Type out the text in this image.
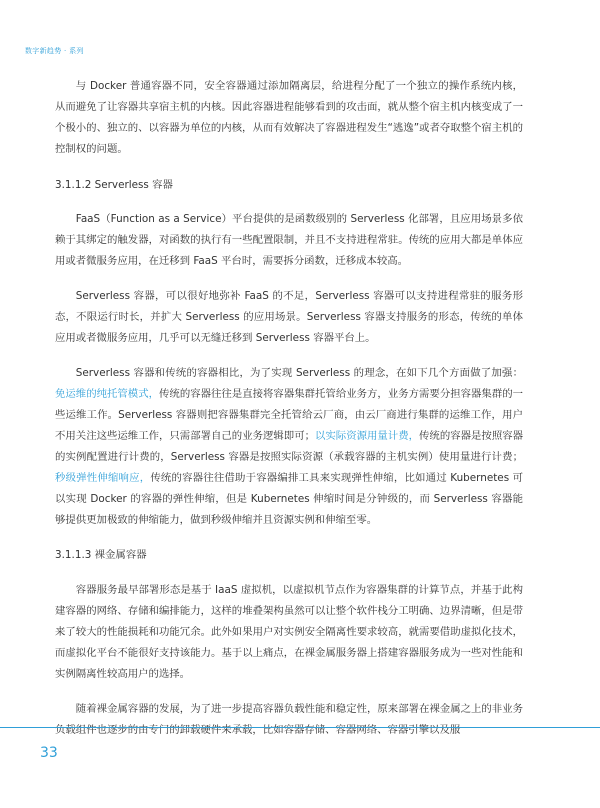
数字新趋势 · 系列

与 Docker 普通容器不同，安全容器通过添加隔离层，给进程分配了一个独立的操作系统内核，从而避免了让容器共享宿主机的内核。因此容器进程能够看到的攻击面，就从整个宿主机内核变成了一个极小的、独立的、以容器为单位的内核，从而有效解决了容器进程发生“逃逸”或者夺取整个宿主机的控制权的问题。

3.1.1.2 Serverless 容器

FaaS（Function as a Service）平台提供的是函数级别的 Serverless 化部署，且应用场景多依赖于其绑定的触发器，对函数的执行有一些配置限制，并且不支持进程常驻。传统的应用大都是单体应用或者微服务应用，在迁移到 FaaS 平台时，需要拆分函数，迁移成本较高。

Serverless 容器，可以很好地弥补 FaaS 的不足，Serverless 容器可以支持进程常驻的服务形态，不限运行时长，并扩大 Serverless 的应用场景。Serverless 容器支持服务的形态，传统的单体应用或者微服务应用，几乎可以无缝迁移到 Serverless 容器平台上。

Serverless 容器和传统的容器相比，为了实现 Serverless 的理念，在如下几个方面做了加强：免运维的纯托管模式，传统的容器往往是直接将容器集群托管给业务方，业务方需要分担容器集群的一些运维工作。Serverless 容器则把容器集群完全托管给云厂商，由云厂商进行集群的运维工作，用户不用关注这些运维工作，只需部署自己的业务逻辑即可；以实际资源用量计费，传统的容器是按照容器的实例配置进行计费的，Serverless 容器是按照实际资源（承载容器的主机实例）使用量进行计费；秒级弹性伸缩响应，传统的容器往往借助于容器编排工具来实现弹性伸缩，比如通过 Kubernetes 可以实现 Docker 的容器的弹性伸缩，但是 Kubernetes 伸缩时间是分钟级的，而 Serverless 容器能够提供更加极致的伸缩能力，做到秒级伸缩并且资源实例和伸缩至零。

3.1.1.3 裸金属容器

容器服务最早部署形态是基于 IaaS 虚拟机，以虚拟机节点作为容器集群的计算节点，并基于此构建容器的网络、存储和编排能力，这样的堆叠架构虽然可以让整个软件栈分工明确、边界清晰，但是带来了较大的性能损耗和功能冗余。此外如果用户对实例安全隔离性要求较高，就需要借助虚拟化技术，而虚拟化平台不能很好支持该能力。基于以上痛点，在裸金属服务器上搭建容器服务成为一些对性能和实例隔离性较高用户的选择。

随着裸金属容器的发展，为了进一步提高容器负载性能和稳定性，原来部署在裸金属之上的非业务负载组件也逐步的由专门的卸载硬件来承载，比如容器存储、容器网络、容器引擎以及服

33
